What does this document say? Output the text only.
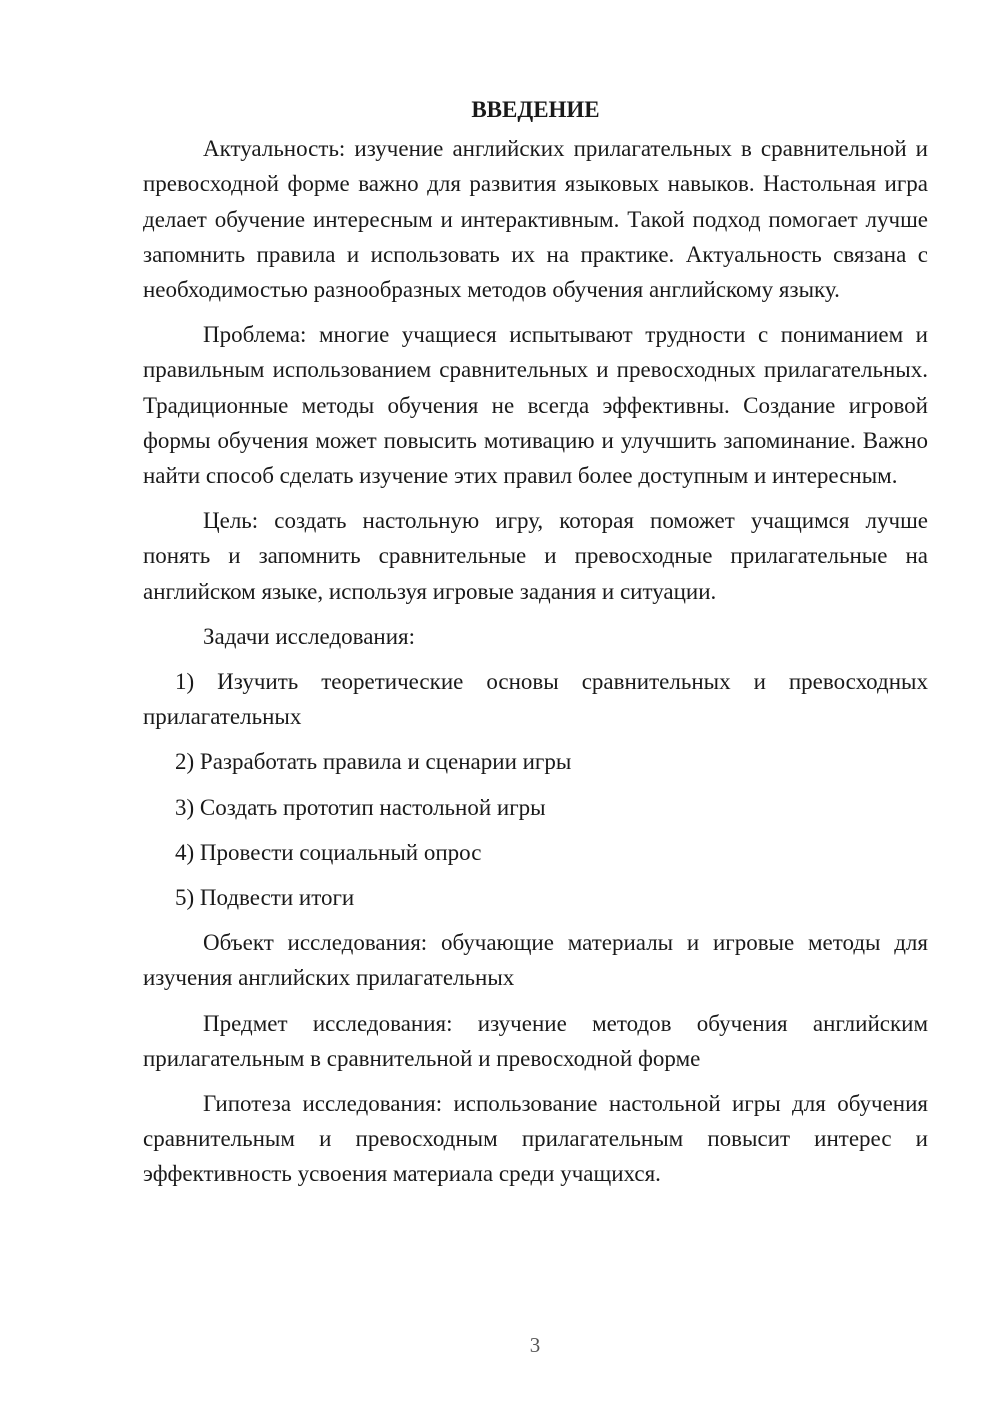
ВВЕДЕНИЕ

Актуальность: изучение английских прилагательных в сравнительной и превосходной форме важно для развития языковых навыков. Настольная игра делает обучение интересным и интерактивным. Такой подход помогает лучше запомнить правила и использовать их на практике. Актуальность связана с необходимостью разнообразных методов обучения английскому языку.

Проблема: многие учащиеся испытывают трудности с пониманием и правильным использованием сравнительных и превосходных прилагательных. Традиционные методы обучения не всегда эффективны. Создание игровой формы обучения может повысить мотивацию и улучшить запоминание. Важно найти способ сделать изучение этих правил более доступным и интересным.

Цель: создать настольную игру, которая поможет учащимся лучше понять и запомнить сравнительные и превосходные прилагательные на английском языке, используя игровые задания и ситуации.

Задачи исследования:

1) Изучить теоретические основы сравнительных и превосходных прилагательных

2) Разработать правила и сценарии игры

3) Создать прототип настольной игры

4) Провести социальный опрос

5) Подвести итоги

Объект исследования: обучающие материалы и игровые методы для изучения английских прилагательных

Предмет исследования: изучение методов обучения английским прилагательным в сравнительной и превосходной форме

Гипотеза исследования: использование настольной игры для обучения сравнительным и превосходным прилагательным повысит интерес и эффективность усвоения материала среди учащихся.

3
